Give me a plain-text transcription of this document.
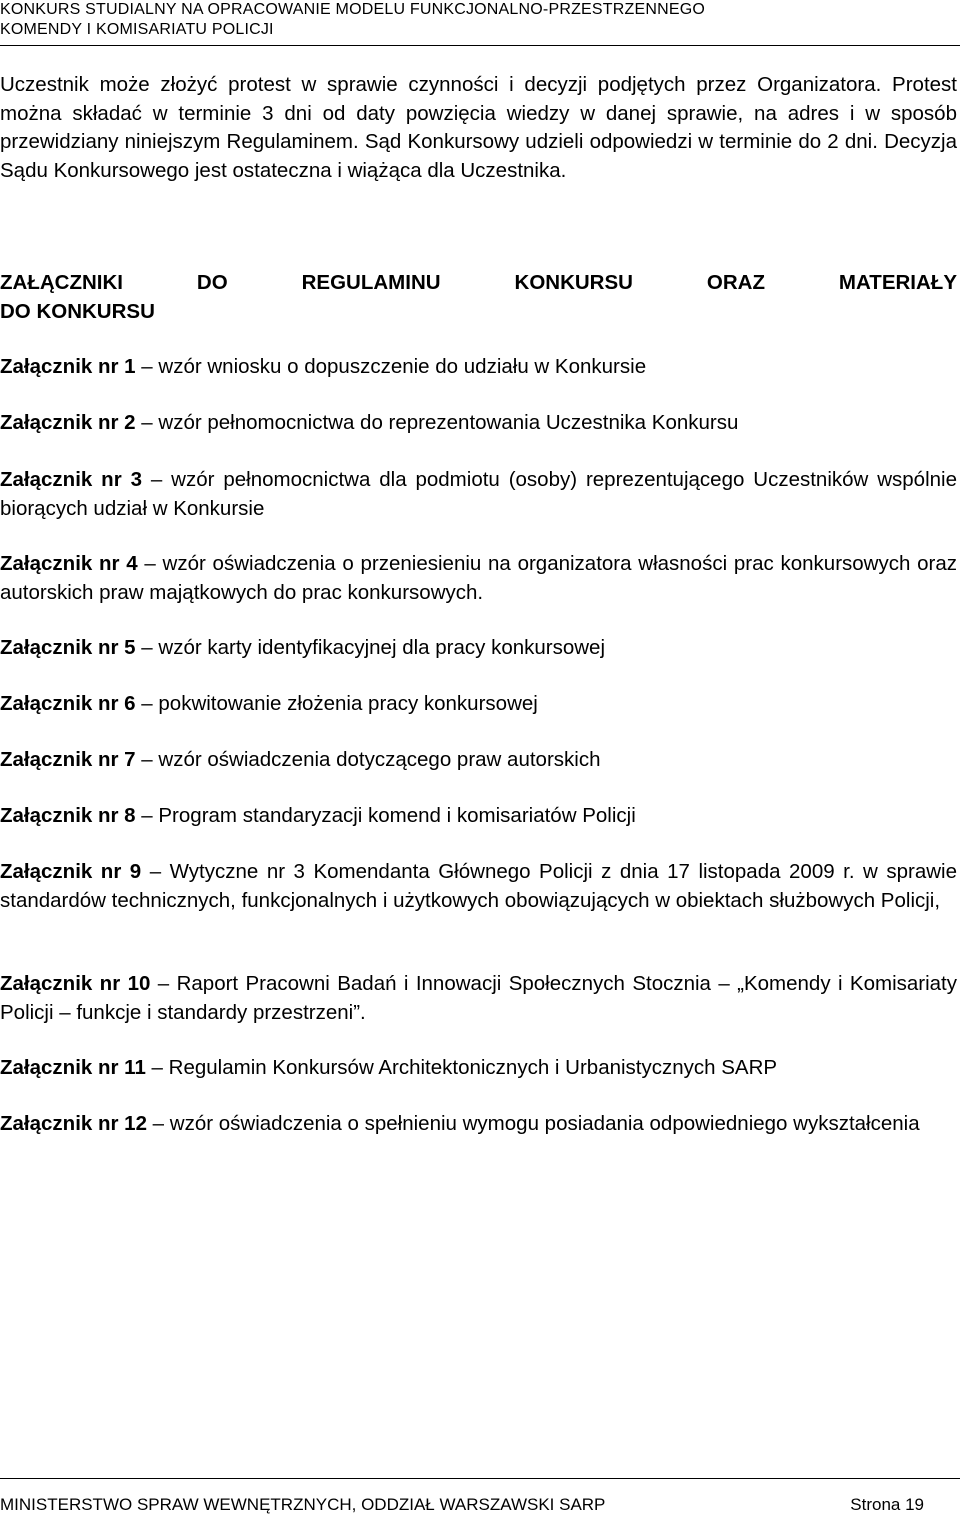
KONKURS STUDIALNY NA OPRACOWANIE MODELU FUNKCJONALNO-PRZESTRZENNEGO
KOMENDY I KOMISARIATU POLICJI
Uczestnik może złożyć protest w sprawie czynności i decyzji podjętych przez Organizatora. Protest można składać w terminie 3 dni od daty powzięcia wiedzy w danej sprawie, na adres i w sposób przewidziany niniejszym Regulaminem. Sąd Konkursowy udzieli odpowiedzi w terminie do 2 dni. Decyzja Sądu Konkursowego jest ostateczna i wiążąca dla Uczestnika.
ZAŁĄCZNIKI DO REGULAMINU KONKURSU ORAZ MATERIAŁY
DO KONKURSU
Załącznik nr 1 – wzór wniosku o dopuszczenie do udziału w Konkursie
Załącznik nr 2 – wzór pełnomocnictwa do reprezentowania Uczestnika Konkursu
Załącznik nr 3 – wzór pełnomocnictwa dla podmiotu (osoby) reprezentującego Uczestników wspólnie biorących udział w Konkursie
Załącznik nr 4 – wzór oświadczenia o przeniesieniu na organizatora własności prac konkursowych oraz autorskich praw majątkowych do prac konkursowych.
Załącznik nr 5 – wzór karty identyfikacyjnej dla pracy konkursowej
Załącznik nr 6 – pokwitowanie złożenia pracy konkursowej
Załącznik nr 7 – wzór oświadczenia dotyczącego praw autorskich
Załącznik nr 8 – Program standaryzacji komend i komisariatów Policji
Załącznik nr 9 – Wytyczne nr 3 Komendanta Głównego Policji z dnia 17 listopada 2009 r. w sprawie standardów technicznych, funkcjonalnych i użytkowych obowiązujących w obiektach służbowych Policji,
Załącznik nr 10 – Raport Pracowni Badań i Innowacji Społecznych Stocznia – „Komendy i Komisariaty Policji – funkcje i standardy przestrzeni”.
Załącznik nr 11 – Regulamin Konkursów Architektonicznych i Urbanistycznych SARP
Załącznik nr 12 – wzór oświadczenia o spełnieniu wymogu posiadania odpowiedniego wykształcenia
MINISTERSTWO SPRAW WEWNĘTRZNYCH, ODDZIAŁ WARSZAWSKI SARP	Strona 19
